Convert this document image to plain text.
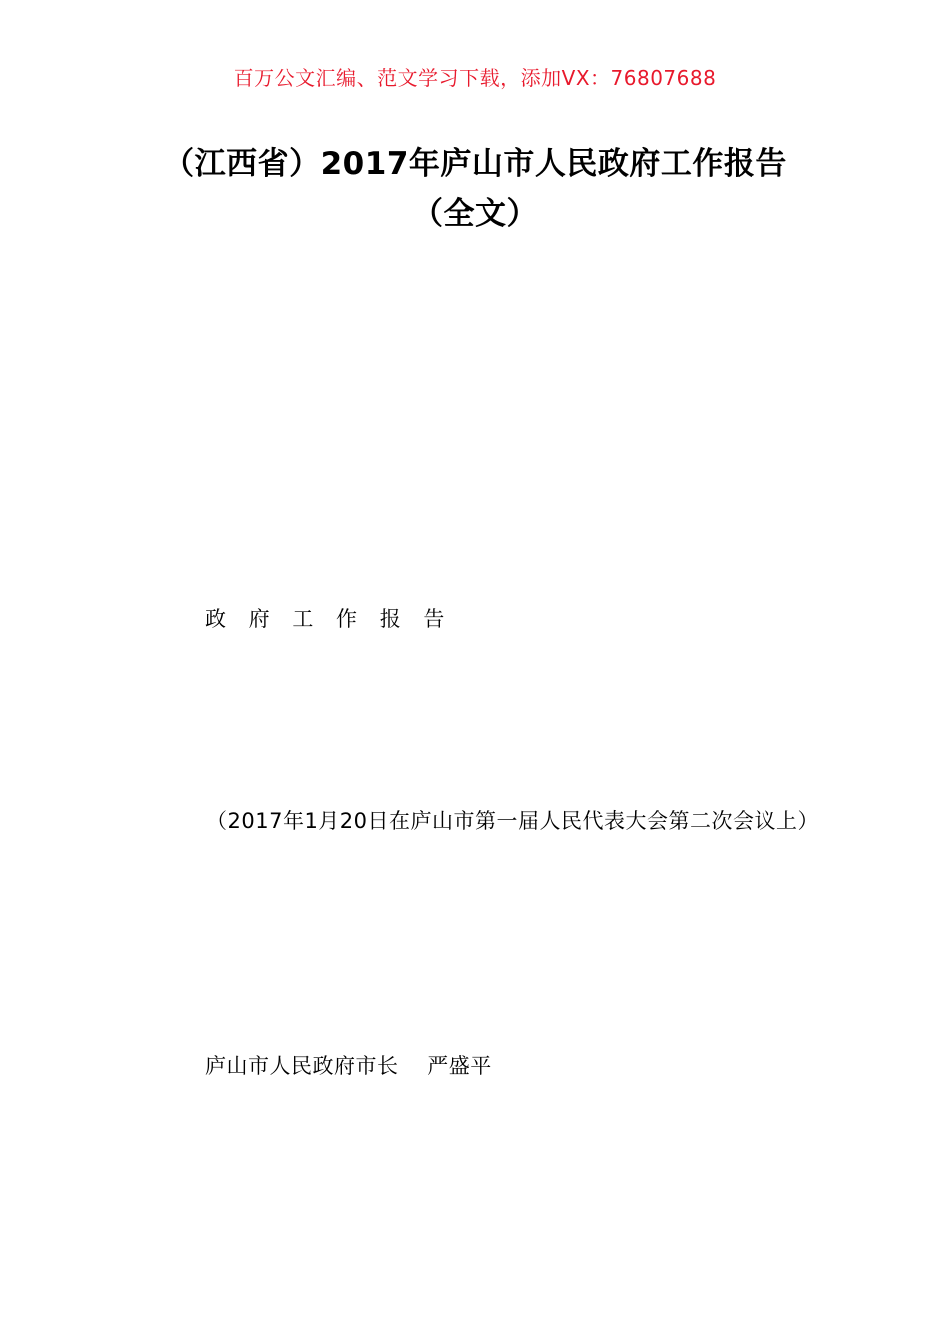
百万公文汇编、范文学习下载，添加VX：76807688
（江西省）2017年庐山市人民政府工作报告（全文）
政 府 工 作 报 告
（2017年1月20日在庐山市第一届人民代表大会第二次会议上）
庐山市人民政府市长    严盛平
